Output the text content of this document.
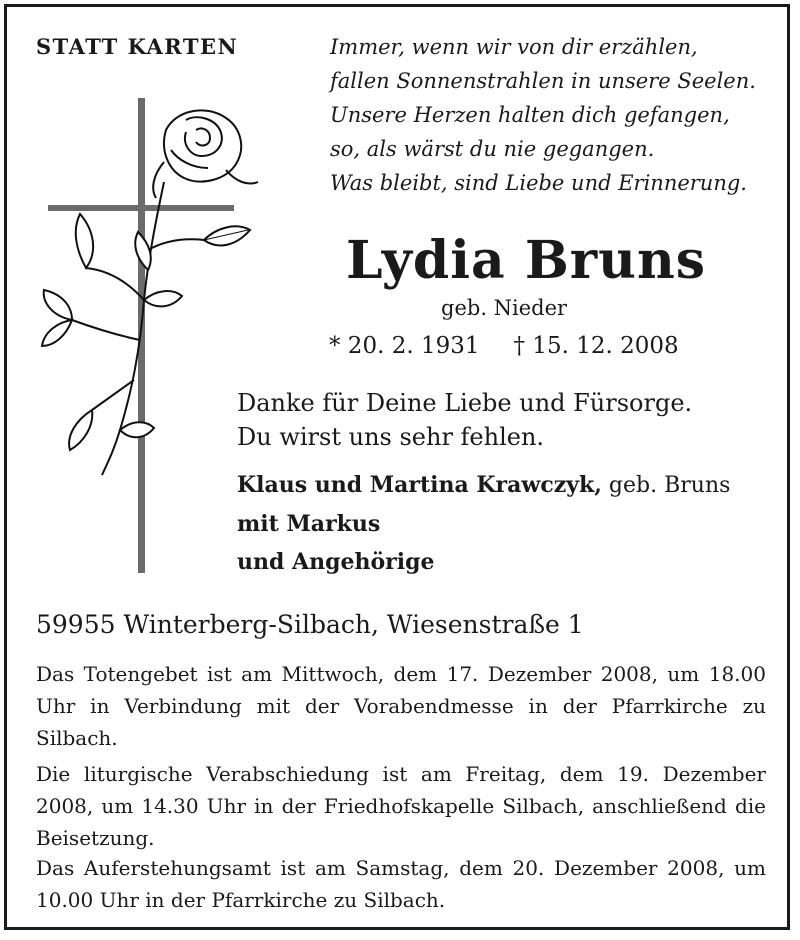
STATT KARTEN	Immer, wenn wir von dir erzählen,
fallen Sonnenstrahlen in unsere Seelen.
Unsere Herzen halten dich gefangen,
so, als wärst du nie gegangen.
Was bleibt, sind Liebe und Erinnerung.
Lydia Bruns
geb. Nieder
* 20. 2. 1931 † 15. 12. 2008
Danke für Deine Liebe und Fürsorge.
Du wirst uns sehr fehlen.
Klaus und Martina Krawczyk, geb. Bruns
mit Markus
und Angehörige
59955 Winterberg-Silbach, Wiesenstraße 1
Das Totengebet ist am Mittwoch, dem 17. Dezember 2008, um 18.00 Uhr in Verbindung mit der Vorabendmesse in der Pfarrkirche zu Silbach.
Die liturgische Verabschiedung ist am Freitag, dem 19. Dezember 2008, um 14.30 Uhr in der Friedhofskapelle Silbach, anschließend die Beisetzung.
Das Auferstehungsamt ist am Samstag, dem 20. Dezember 2008, um 10.00 Uhr in der Pfarrkirche zu Silbach.
